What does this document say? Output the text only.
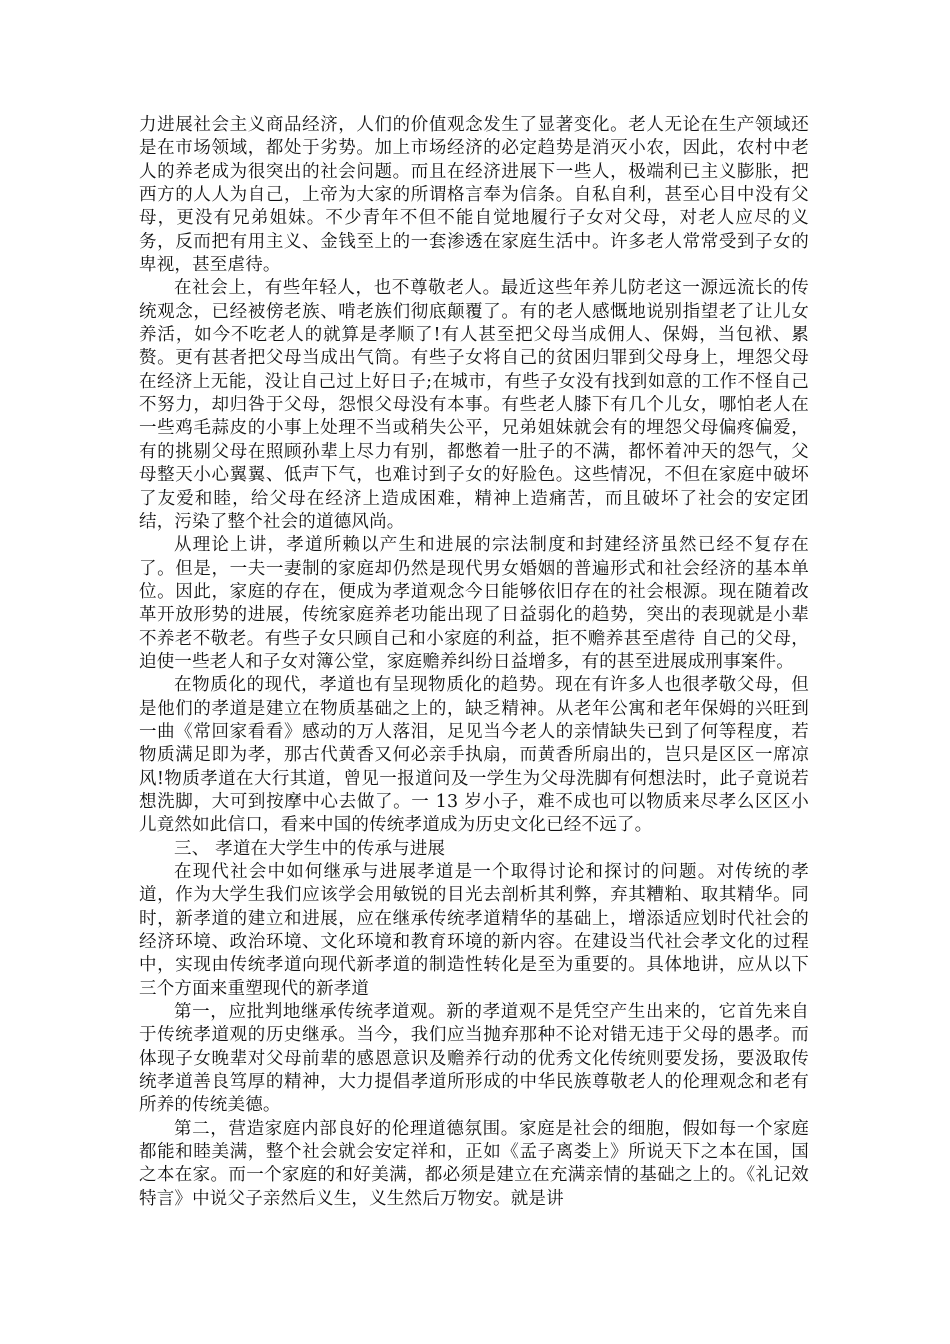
力进展社会主义商品经济，人们的价值观念发生了显著变化。老人无论在生产领域还是在市场领域，都处于劣势。加上市场经济的必定趋势是消灭小农，因此，农村中老人的养老成为很突出的社会问题。而且在经济进展下一些人，极端利已主义膨胀，把西方的人人为自己，上帝为大家的所谓格言奉为信条。自私自利，甚至心目中没有父母，更没有兄弟姐妹。不少青年不但不能自觉地履行子女对父母，对老人应尽的义务，反而把有用主义、金钱至上的一套渗透在家庭生活中。许多老人常常受到子女的卑视，甚至虐待。

在社会上，有些年轻人，也不尊敬老人。最近这些年养儿防老这一源远流长的传统观念，已经被傍老族、啃老族们彻底颠覆了。有的老人感慨地说别指望老了让儿女养活，如今不吃老人的就算是孝顺了!有人甚至把父母当成佣人、保姆，当包袱、累赘。更有甚者把父母当成出气筒。有些子女将自己的贫困归罪到父母身上，埋怨父母在经济上无能，没让自己过上好日子;在城市，有些子女没有找到如意的工作不怪自己不努力，却归咎于父母，怨恨父母没有本事。有些老人膝下有几个儿女，哪怕老人在一些鸡毛蒜皮的小事上处理不当或稍失公平，兄弟姐妹就会有的埋怨父母偏疼偏爱，有的挑剔父母在照顾孙辈上尽力有别，都憋着一肚子的不满，都怀着冲天的怨气，父母整天小心翼翼、低声下气，也难讨到子女的好脸色。这些情况，不但在家庭中破坏了友爱和睦，给父母在经济上造成困难，精神上造痛苦，而且破坏了社会的安定团结，污染了整个社会的道德风尚。

从理论上讲，孝道所赖以产生和进展的宗法制度和封建经济虽然已经不复存在了。但是，一夫一妻制的家庭却仍然是现代男女婚姻的普遍形式和社会经济的基本单位。因此，家庭的存在，便成为孝道观念今日能够依旧存在的社会根源。现在随着改革开放形势的进展，传统家庭养老功能出现了日益弱化的趋势，突出的表现就是小辈不养老不敬老。有些子女只顾自己和小家庭的利益，拒不赡养甚至虐待 自己的父母，迫使一些老人和子女对簿公堂，家庭赡养纠纷日益增多，有的甚至进展成刑事案件。

在物质化的现代，孝道也有呈现物质化的趋势。现在有许多人也很孝敬父母，但是他们的孝道是建立在物质基础之上的，缺乏精神。从老年公寓和老年保姆的兴旺到一曲《常回家看看》感动的万人落泪，足见当今老人的亲情缺失已到了何等程度，若物质满足即为孝，那古代黄香又何必亲手执扇，而黄香所扇出的，岂只是区区一席凉风!物质孝道在大行其道，曾见一报道问及一学生为父母洗脚有何想法时，此子竟说若想洗脚，大可到按摩中心去做了。一 13 岁小子，难不成也可以物质来尽孝么区区小儿竟然如此信口，看来中国的传统孝道成为历史文化已经不远了。

三、 孝道在大学生中的传承与进展

在现代社会中如何继承与进展孝道是一个取得讨论和探讨的问题。对传统的孝道，作为大学生我们应该学会用敏锐的目光去剖析其利弊，弃其糟粕、取其精华。同时，新孝道的建立和进展，应在继承传统孝道精华的基础上，增添适应划时代社会的经济环境、政治环境、文化环境和教育环境的新内容。在建设当代社会孝文化的过程中，实现由传统孝道向现代新孝道的制造性转化是至为重要的。具体地讲，应从以下三个方面来重塑现代的新孝道

第一，应批判地继承传统孝道观。新的孝道观不是凭空产生出来的，它首先来自于传统孝道观的历史继承。当今，我们应当抛弃那种不论对错无违于父母的愚孝。而体现子女晚辈对父母前辈的感恩意识及赡养行动的优秀文化传统则要发扬，要汲取传统孝道善良笃厚的精神，大力提倡孝道所形成的中华民族尊敬老人的伦理观念和老有所养的传统美德。

第二，营造家庭内部良好的伦理道德氛围。家庭是社会的细胞，假如每一个家庭都能和睦美满，整个社会就会安定祥和，正如《孟子离娄上》所说天下之本在国，国之本在家。而一个家庭的和好美满，都必须是建立在充满亲情的基础之上的。《礼记效特言》中说父子亲然后义生，义生然后万物安。就是讲
